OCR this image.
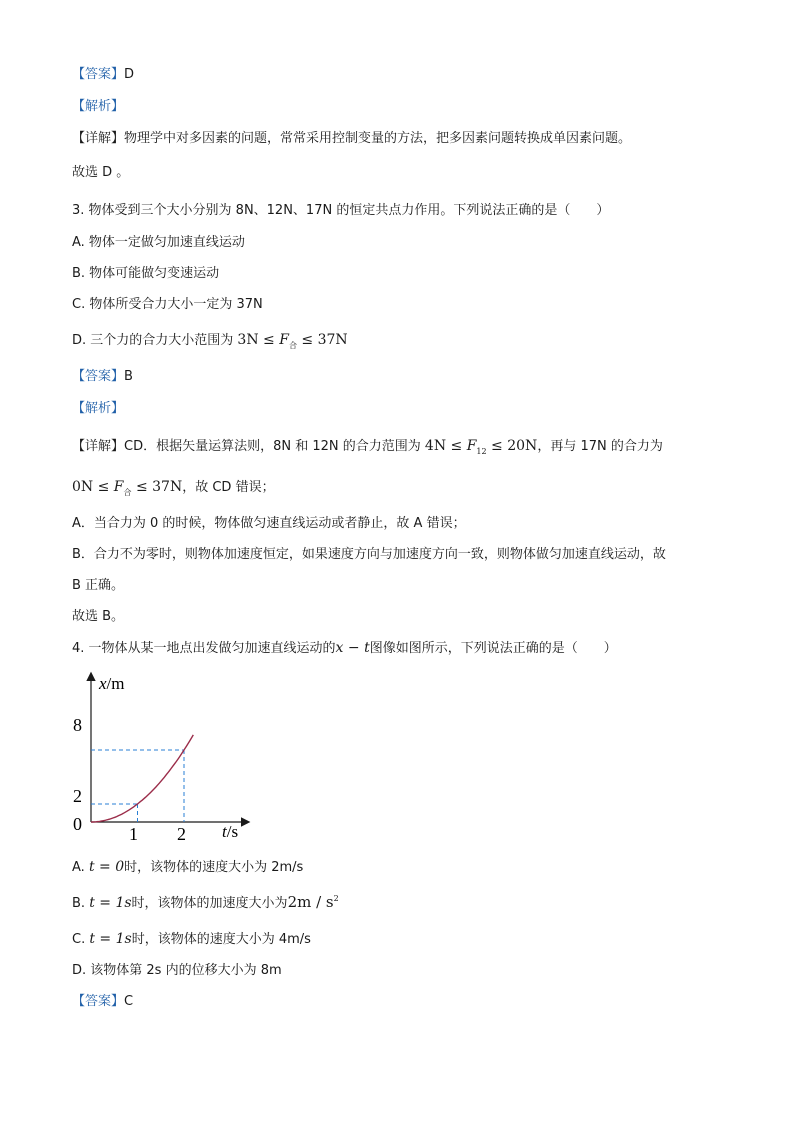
【答案】D
【解析】
【详解】物理学中对多因素的问题，常常采用控制变量的方法，把多因素问题转换成单因素问题。
故选 D 。
3. 物体受到三个大小分别为 8N、12N、17N 的恒定共点力作用。下列说法正确的是（　　）
A. 物体一定做匀加速直线运动
B. 物体可能做匀变速运动
C. 物体所受合力大小一定为 37N
D. 三个力的合力大小范围为 $3N \le F_合 \le 37N$
【答案】B
【解析】
【详解】CD．根据矢量运算法则，8N 和 12N 的合力范围为 $4N \le F_{12} \le 20N$，再与 17N 的合力为
$0N \le F_合 \le 37N$，故 CD 错误；
A．当合力为 0 的时候，物体做匀速直线运动或者静止，故 A 错误；
B．合力不为零时，则物体加速度恒定，如果速度方向与加速度方向一致，则物体做匀加速直线运动，故
B 正确。
故选 B。
4. 一物体从某一地点出发做匀加速直线运动的x − t图像如图所示，下列说法正确的是（　　）
x/m
t/s
0
2
8
1 2
A. t = 0时，该物体的速度大小为 2m/s
B. t = 1s时，该物体的加速度大小为$2m / s^2$
C. t = 1s时，该物体的速度大小为 4m/s
D. 该物体第 2s 内的位移大小为 8m
【答案】C
